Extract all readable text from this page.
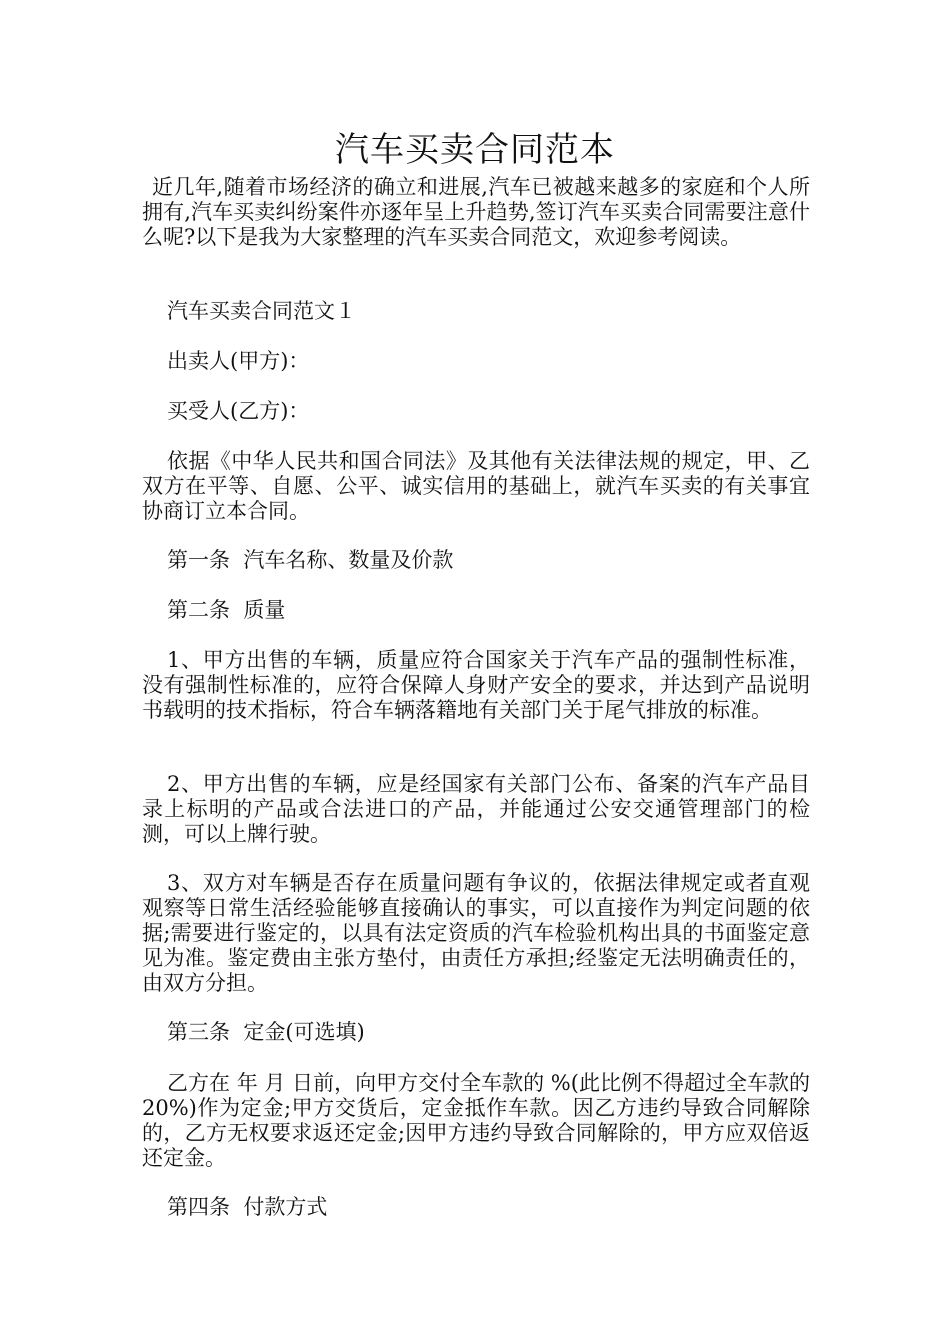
汽车买卖合同范本
近几年,随着市场经济的确立和进展,汽车已被越来越多的家庭和个人所拥有,汽车买卖纠纷案件亦逐年呈上升趋势,签订汽车买卖合同需要注意什么呢?以下是我为大家整理的汽车买卖合同范文，欢迎参考阅读。
汽车买卖合同范文１
出卖人(甲方)：
买受人(乙方)：
依据《中华人民共和国合同法》及其他有关法律法规的规定，甲、乙双方在平等、自愿、公平、诚实信用的基础上，就汽车买卖的有关事宜协商订立本合同。
第一条  汽车名称、数量及价款
第二条  质量
1、甲方出售的车辆，质量应符合国家关于汽车产品的强制性标准，没有强制性标准的，应符合保障人身财产安全的要求，并达到产品说明书载明的技术指标，符合车辆落籍地有关部门关于尾气排放的标准。
2、甲方出售的车辆，应是经国家有关部门公布、备案的汽车产品目录上标明的产品或合法进口的产品，并能通过公安交通管理部门的检测，可以上牌行驶。
3、双方对车辆是否存在质量问题有争议的，依据法律规定或者直观观察等日常生活经验能够直接确认的事实，可以直接作为判定问题的依据;需要进行鉴定的，以具有法定资质的汽车检验机构出具的书面鉴定意见为准。鉴定费由主张方垫付，由责任方承担;经鉴定无法明确责任的，由双方分担。
第三条  定金(可选填)
乙方在 年 月 日前，向甲方交付全车款的 %(此比例不得超过全车款的20%)作为定金;甲方交货后，定金抵作车款。因乙方违约导致合同解除的，乙方无权要求返还定金;因甲方违约导致合同解除的，甲方应双倍返还定金。
第四条  付款方式
